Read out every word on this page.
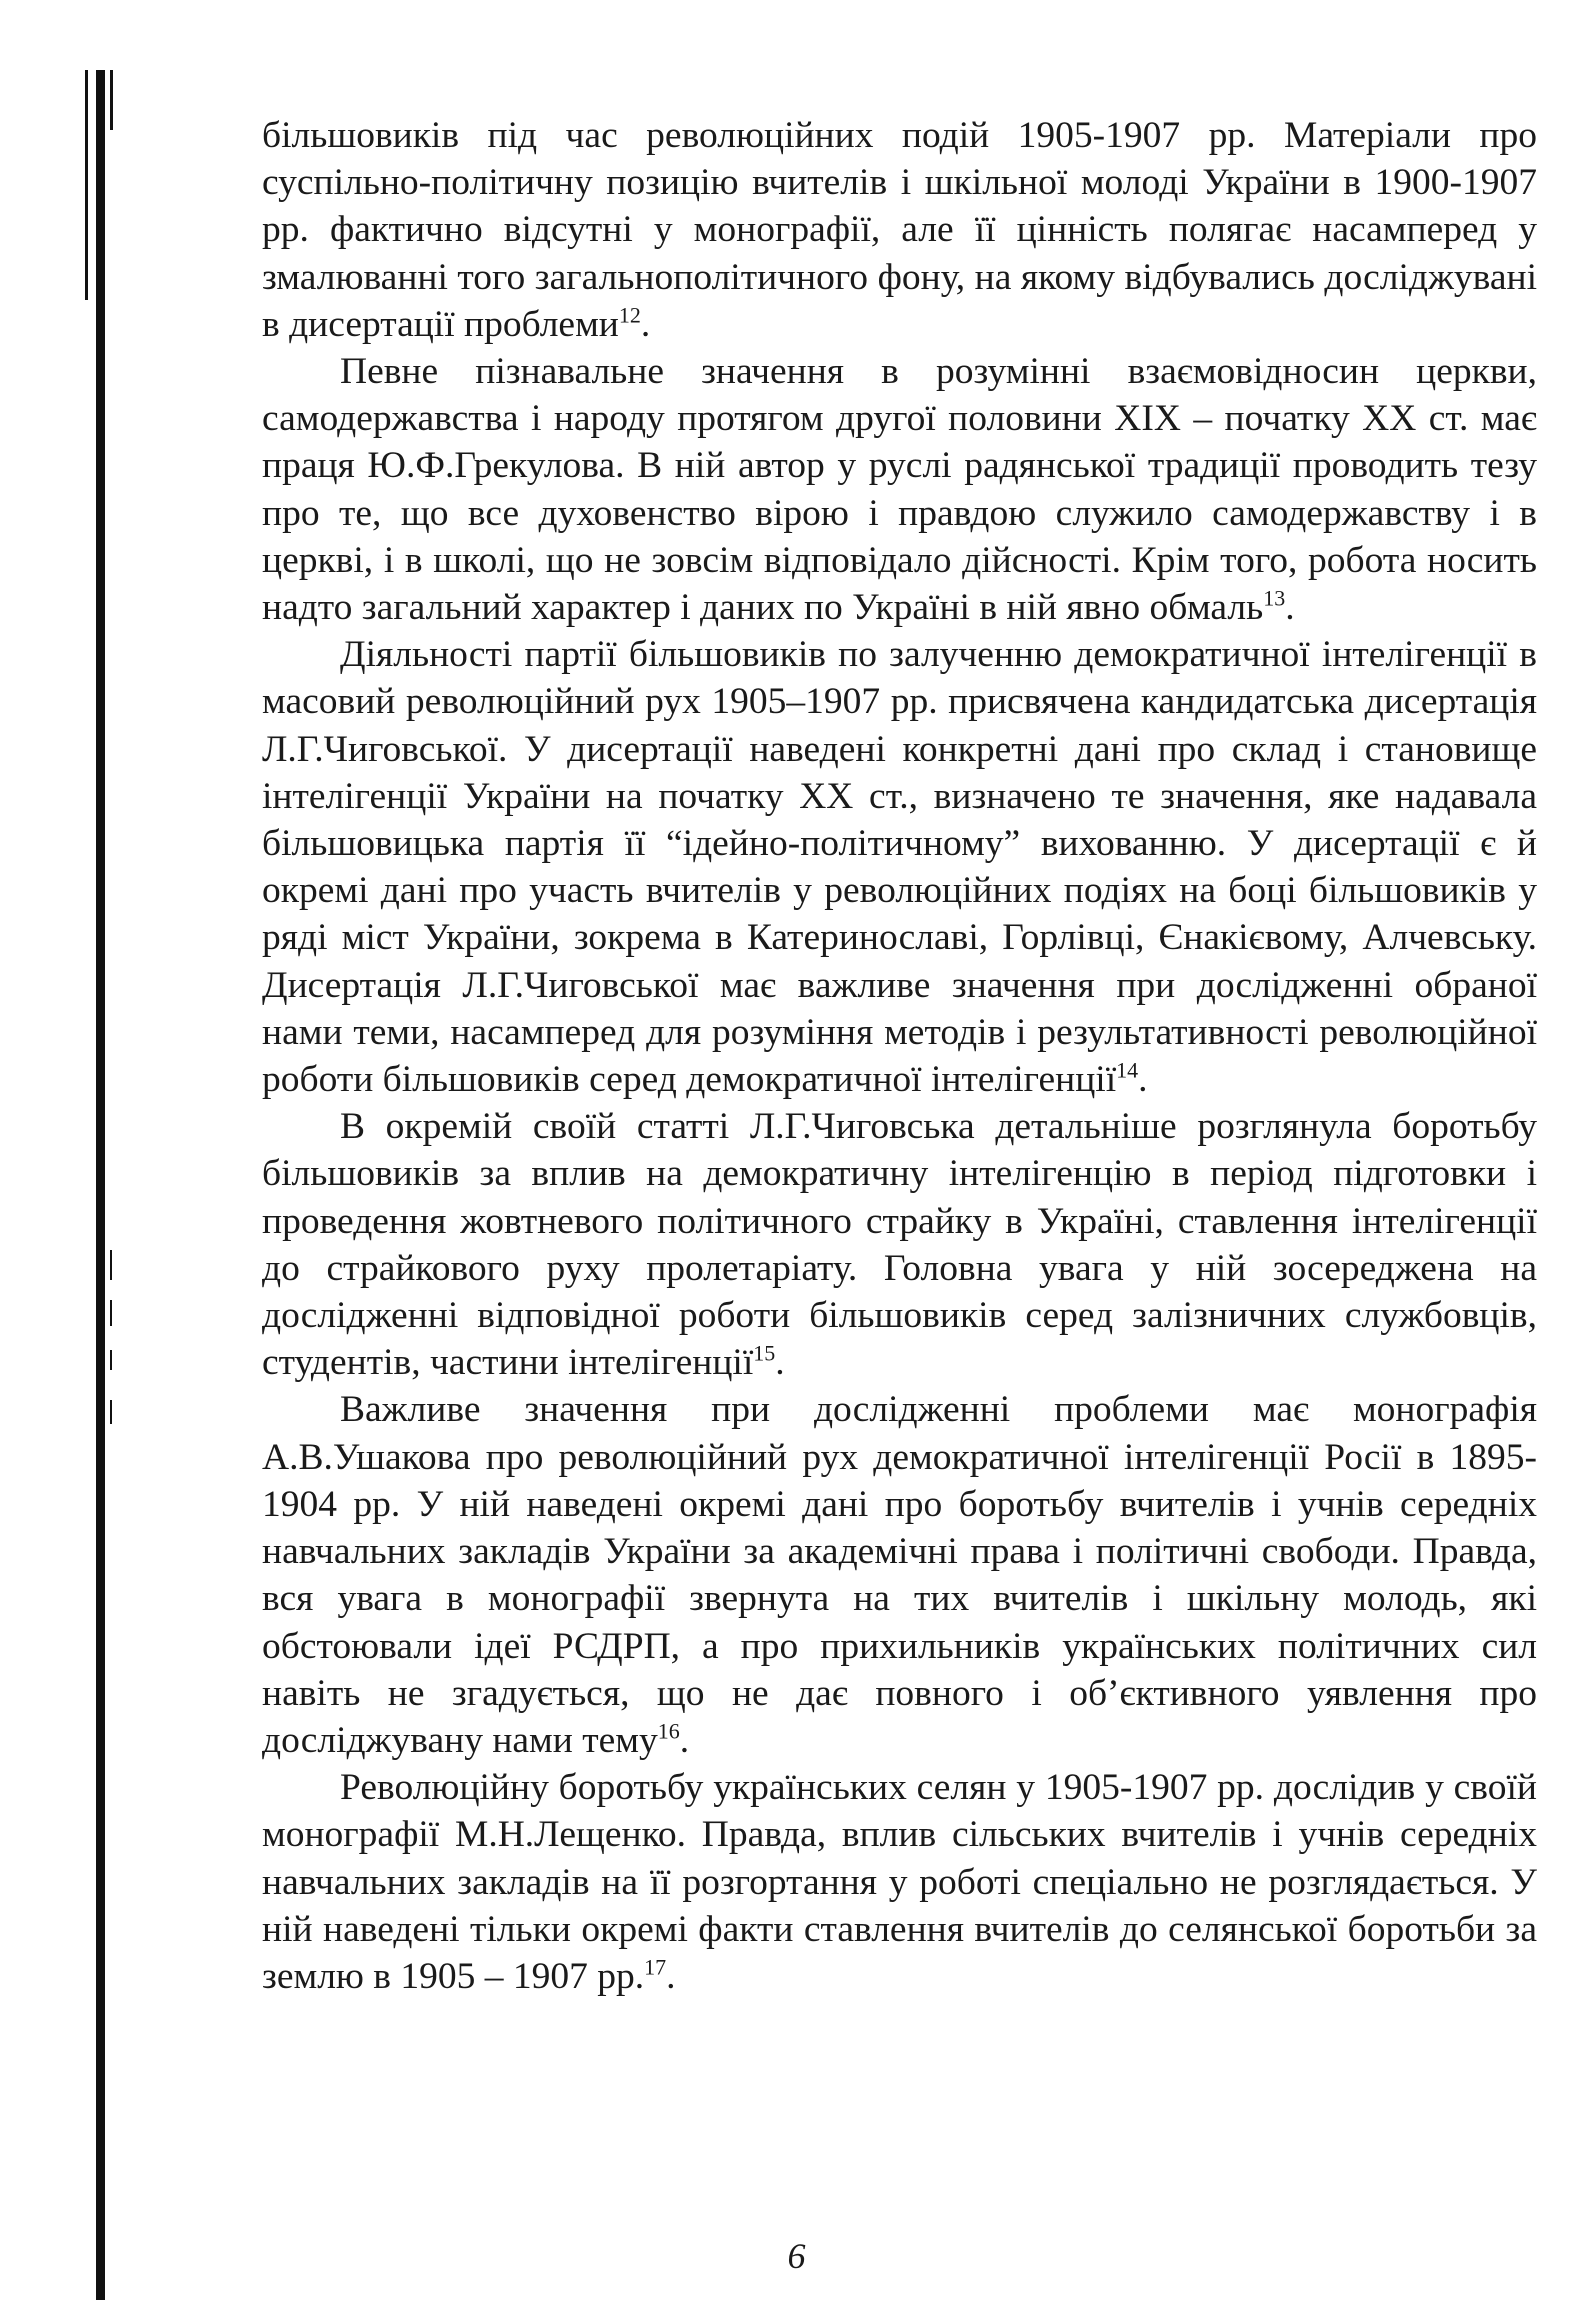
більшовиків під час революційних подій 1905-1907 рр. Матеріали про суспільно-політичну позицію вчителів і шкільної молоді України в 1900-1907 рр. фактично відсутні у монографії, але її цінність полягає насамперед у змалюванні того загальнополітичного фону, на якому відбувались досліджувані в дисертації проблеми$^{12}$.

Певне пізнавальне значення в розумінні взаємовідносин церкви, самодержавства і народу протягом другої половини XIX – початку XX ст. має праця Ю.Ф.Грекулова. В ній автор у руслі радянської традиції проводить тезу про те, що все духовенство вірою і правдою служило самодержавству і в церкві, і в школі, що не зовсім відповідало дійсності. Крім того, робота носить надто загальний характер і даних по Україні в ній явно обмаль$^{13}$.

Діяльності партії більшовиків по залученню демократичної інтелігенції в масовий революційний рух 1905–1907 рр. присвячена кандидатська дисертація Л.Г.Чиговської. У дисертації наведені конкретні дані про склад і становище інтелігенції України на початку XX ст., визначено те значення, яке надавала більшовицька партія її “ідейно-політичному” вихованню. У дисертації є й окремі дані про участь вчителів у революційних подіях на боці більшовиків у ряді міст України, зокрема в Катеринославі, Горлівці, Єнакієвому, Алчевську. Дисертація Л.Г.Чиговської має важливе значення при дослідженні обраної нами теми, насамперед для розуміння методів і результативності революційної роботи більшовиків серед демократичної інтелігенції$^{14}$.

В окремій своїй статті Л.Г.Чиговська детальніше розглянула боротьбу більшовиків за вплив на демократичну інтелігенцію в період підготовки і проведення жовтневого політичного страйку в Україні, ставлення інтелігенції до страйкового руху пролетаріату. Головна увага у ній зосереджена на дослідженні відповідної роботи більшовиків серед залізничних службовців, студентів, частини інтелігенції$^{15}$.

Важливе значення при дослідженні проблеми має монографія А.В.Ушакова про революційний рух демократичної інтелігенції Росії в 1895-1904 рр. У ній наведені окремі дані про боротьбу вчителів і учнів середніх навчальних закладів України за академічні права і політичні свободи. Правда, вся увага в монографії звернута на тих вчителів і шкільну молодь, які обстоювали ідеї РСДРП, а про прихильників українських політичних сил навіть не згадується, що не дає повного і об’єктивного уявлення про досліджувану нами тему$^{16}$.

Революційну боротьбу українських селян у 1905-1907 рр. дослідив у своїй монографії М.Н.Лещенко. Правда, вплив сільських вчителів і учнів середніх навчальних закладів на її розгортання у роботі спеціально не розглядається. У ній наведені тільки окремі факти ставлення вчителів до селянської боротьби за землю в 1905 – 1907 рр.$^{17}$.

6
